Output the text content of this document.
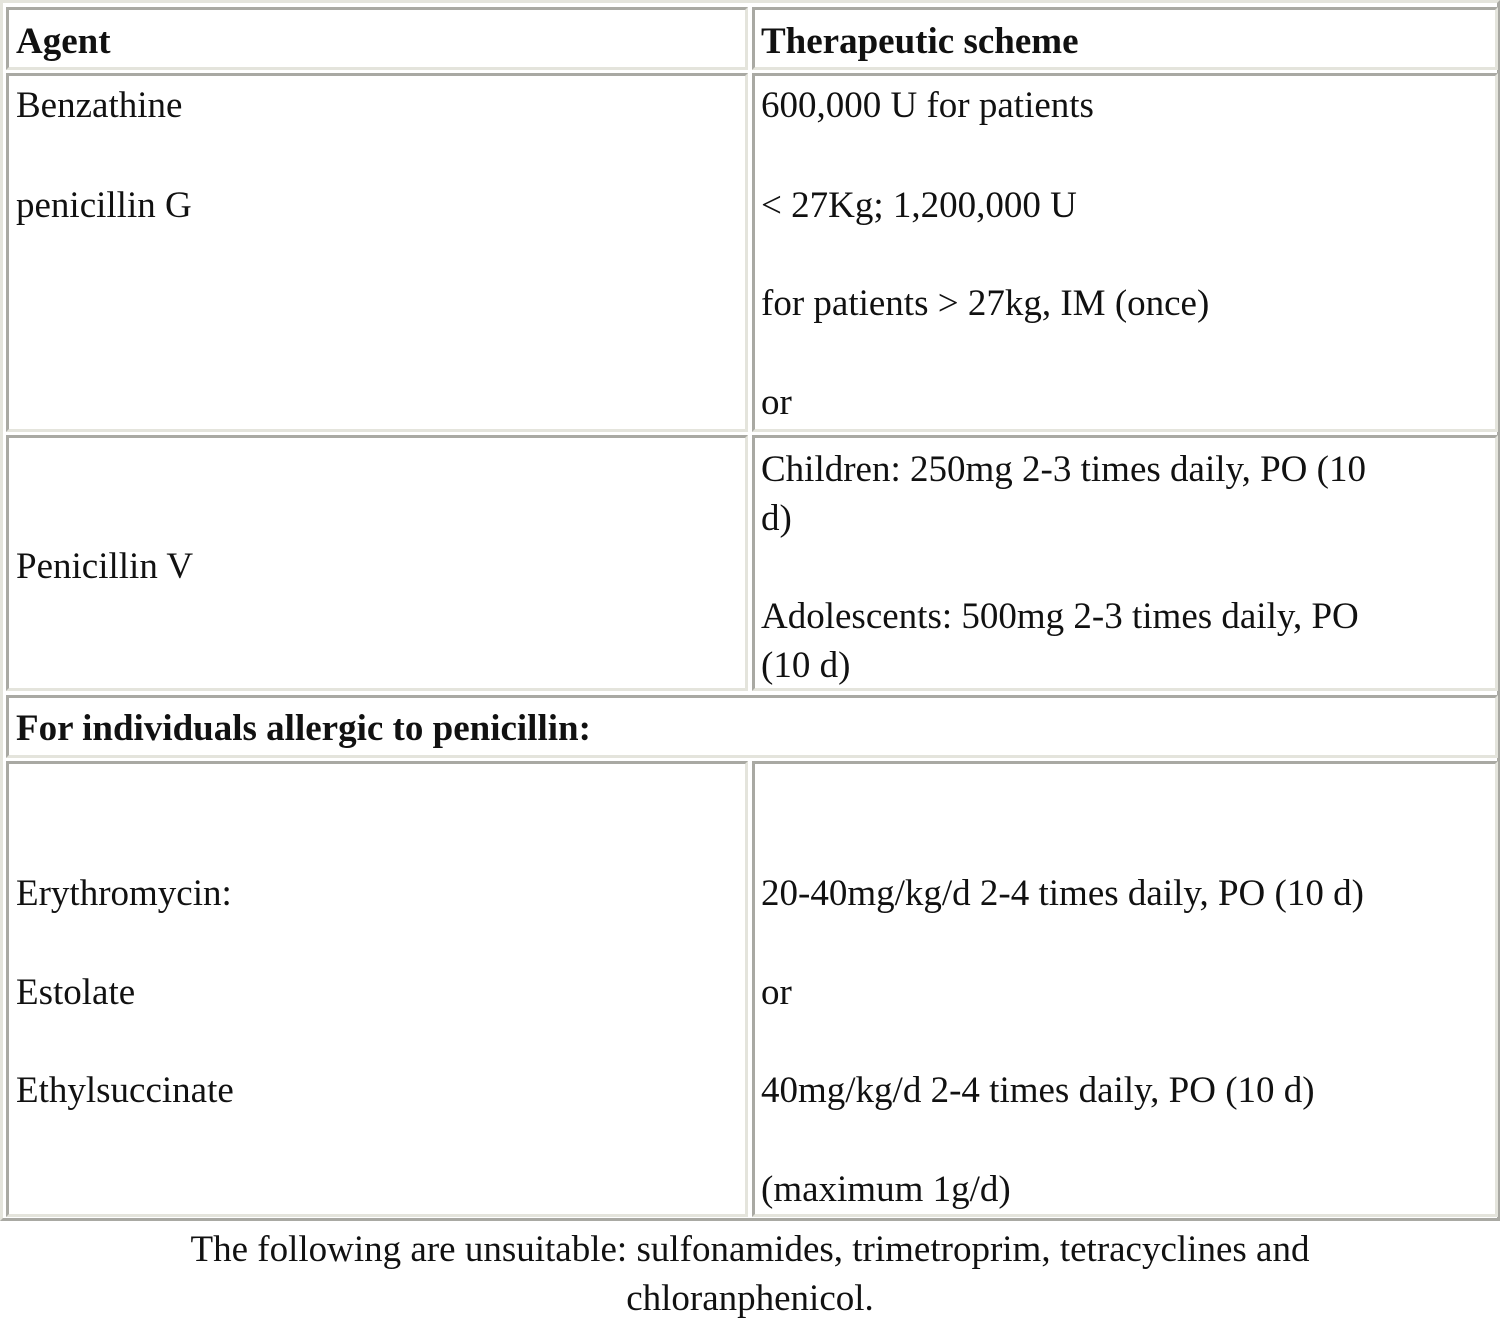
Agent	Therapeutic scheme
Benzathine
penicillin G
600,000 U for patients
< 27Kg; 1,200,000 U
for patients > 27kg, IM (once)
or
Penicillin V
Children: 250mg 2-3 times daily, PO (10
d)
Adolescents: 500mg 2-3 times daily, PO
(10 d)
For individuals allergic to penicillin:
Erythromycin:
Estolate
Ethylsuccinate
20-40mg/kg/d 2-4 times daily, PO (10 d)
or
40mg/kg/d 2-4 times daily, PO (10 d)
(maximum 1g/d)
The following are unsuitable: sulfonamides, trimetroprim, tetracyclines and
chloranphenicol.
